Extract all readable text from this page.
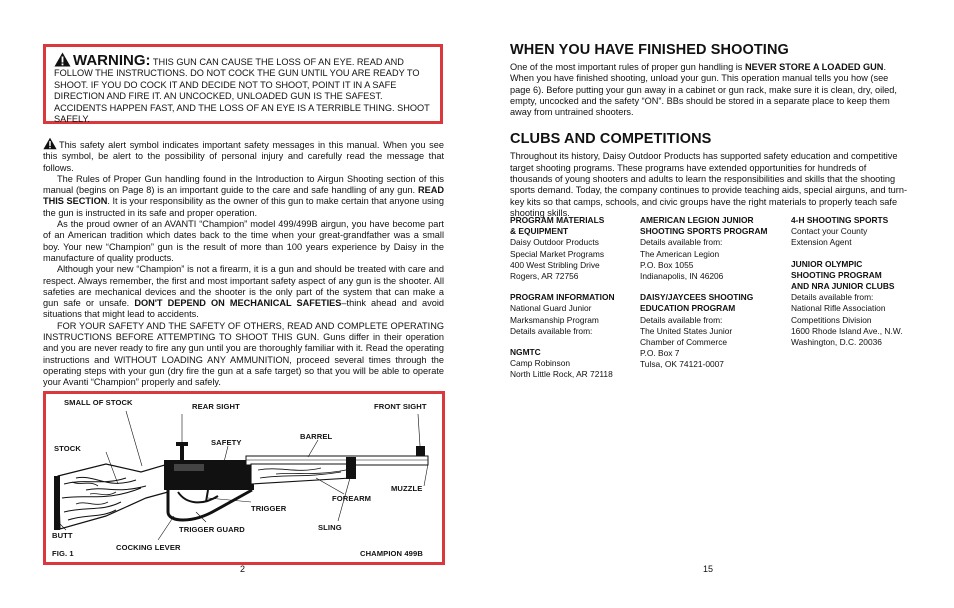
WARNING: THIS GUN CAN CAUSE THE LOSS OF AN EYE. READ AND FOLLOW THE INSTRUCTIONS. DO NOT COCK THE GUN UNTIL YOU ARE READY TO SHOOT. IF YOU DO COCK IT AND DECIDE NOT TO SHOOT, POINT IT IN A SAFE DIRECTION AND FIRE IT. AN UNCOCKED, UNLOADED GUN IS THE SAFEST. ACCIDENTS HAPPEN FAST, AND THE LOSS OF AN EYE IS A TERRIBLE THING. SHOOT SAFELY.

This safety alert symbol indicates important safety messages in this manual. When you see this symbol, be alert to the possibility of personal injury and carefully read the message that follows.

The Rules of Proper Gun handling found in the Introduction to Airgun Shooting section of this manual (begins on Page 8) is an important guide to the care and safe handling of any gun. READ THIS SECTION. It is your responsibility as the owner of this gun to make certain that anyone using the gun is instructed in its safe and proper operation.

As the proud owner of an AVANTI “Champion” model 499/499B airgun, you have become part of an American tradition which dates back to the time when your great-grandfather was a small boy. Your new “Champion” gun is the result of more than 100 years experience by Daisy in the manufacture of quality products.

Although your new “Champion” is not a firearm, it is a gun and should be treated with care and respect. Always remember, the first and most important safety aspect of any gun is the shooter. All safeties are mechanical devices and the shooter is the only part of the system that can make a gun safe or unsafe. DON'T DEPEND ON MECHANICAL SAFETIES–think ahead and avoid situations that might lead to accidents.

FOR YOUR SAFETY AND THE SAFETY OF OTHERS, READ AND COMPLETE OPERATING INSTRUCTIONS BEFORE ATTEMPTING TO SHOOT THIS GUN. Guns differ in their operation and you are never ready to fire any gun until you are thoroughly familiar with it. Read the operating instructions and WITHOUT LOADING ANY AMMUNITION, proceed several times through the operating steps with your gun (dry fire the gun at a safe target) so that you will be able to operate your Avanti “Champion” properly and safely.

Daisy
SMALL OF STOCK	REAR SIGHT	FRONT SIGHT
BARREL
SAFETY
STOCK
MUZZLE
FOREARM
TRIGGER
SLING
BUTT
TRIGGER GUARD
COCKING LEVER
FIG. 1	CHAMPION 499B
2
WHEN YOU HAVE FINISHED SHOOTING

One of the most important rules of proper gun handling is NEVER STORE A LOADED GUN. When you have finished shooting, unload your gun. This operation manual tells you how (see page 6). Before putting your gun away in a cabinet or gun rack, make sure it is clean, dry, oiled, empty, uncocked and the safety “ON”. BBs should be stored in a separate place to keep them away from untrained shooters.

CLUBS AND COMPETITIONS

Throughout its history, Daisy Outdoor Products has supported safety education and competitive target shooting programs. These programs have extended opportunities for hundreds of thousands of young shooters and adults to learn the responsibilities and skills that the shooting sports demand. Today, the company continues to provide teaching aids, special airguns, and turn-key kits so that camps, schools, and civic groups have the right materials to properly teach safe shooting skills.

PROGRAM MATERIALS
& EQUIPMENT
Daisy Outdoor Products
Special Market Programs
400 West Stribling Drive
Rogers, AR 72756
PROGRAM INFORMATION
National Guard Junior
Marksmanship Program
Details available from:
NGMTC
Camp Robinson
North Little Rock, AR 72118
AMERICAN LEGION JUNIOR
SHOOTING SPORTS PROGRAM
Details available from:
The American Legion
P.O. Box 1055
Indianapolis, IN 46206
DAISY/JAYCEES SHOOTING
EDUCATION PROGRAM
Details available from:
The United States Junior
Chamber of Commerce
P.O. Box 7
Tulsa, OK 74121-0007
4-H SHOOTING SPORTS
Contact your County
Extension Agent
JUNIOR OLYMPIC
SHOOTING PROGRAM
AND NRA JUNIOR CLUBS
Details available from:
National Rifle Association
Competitions Division
1600 Rhode Island Ave., N.W.
Washington, D.C. 20036
15
